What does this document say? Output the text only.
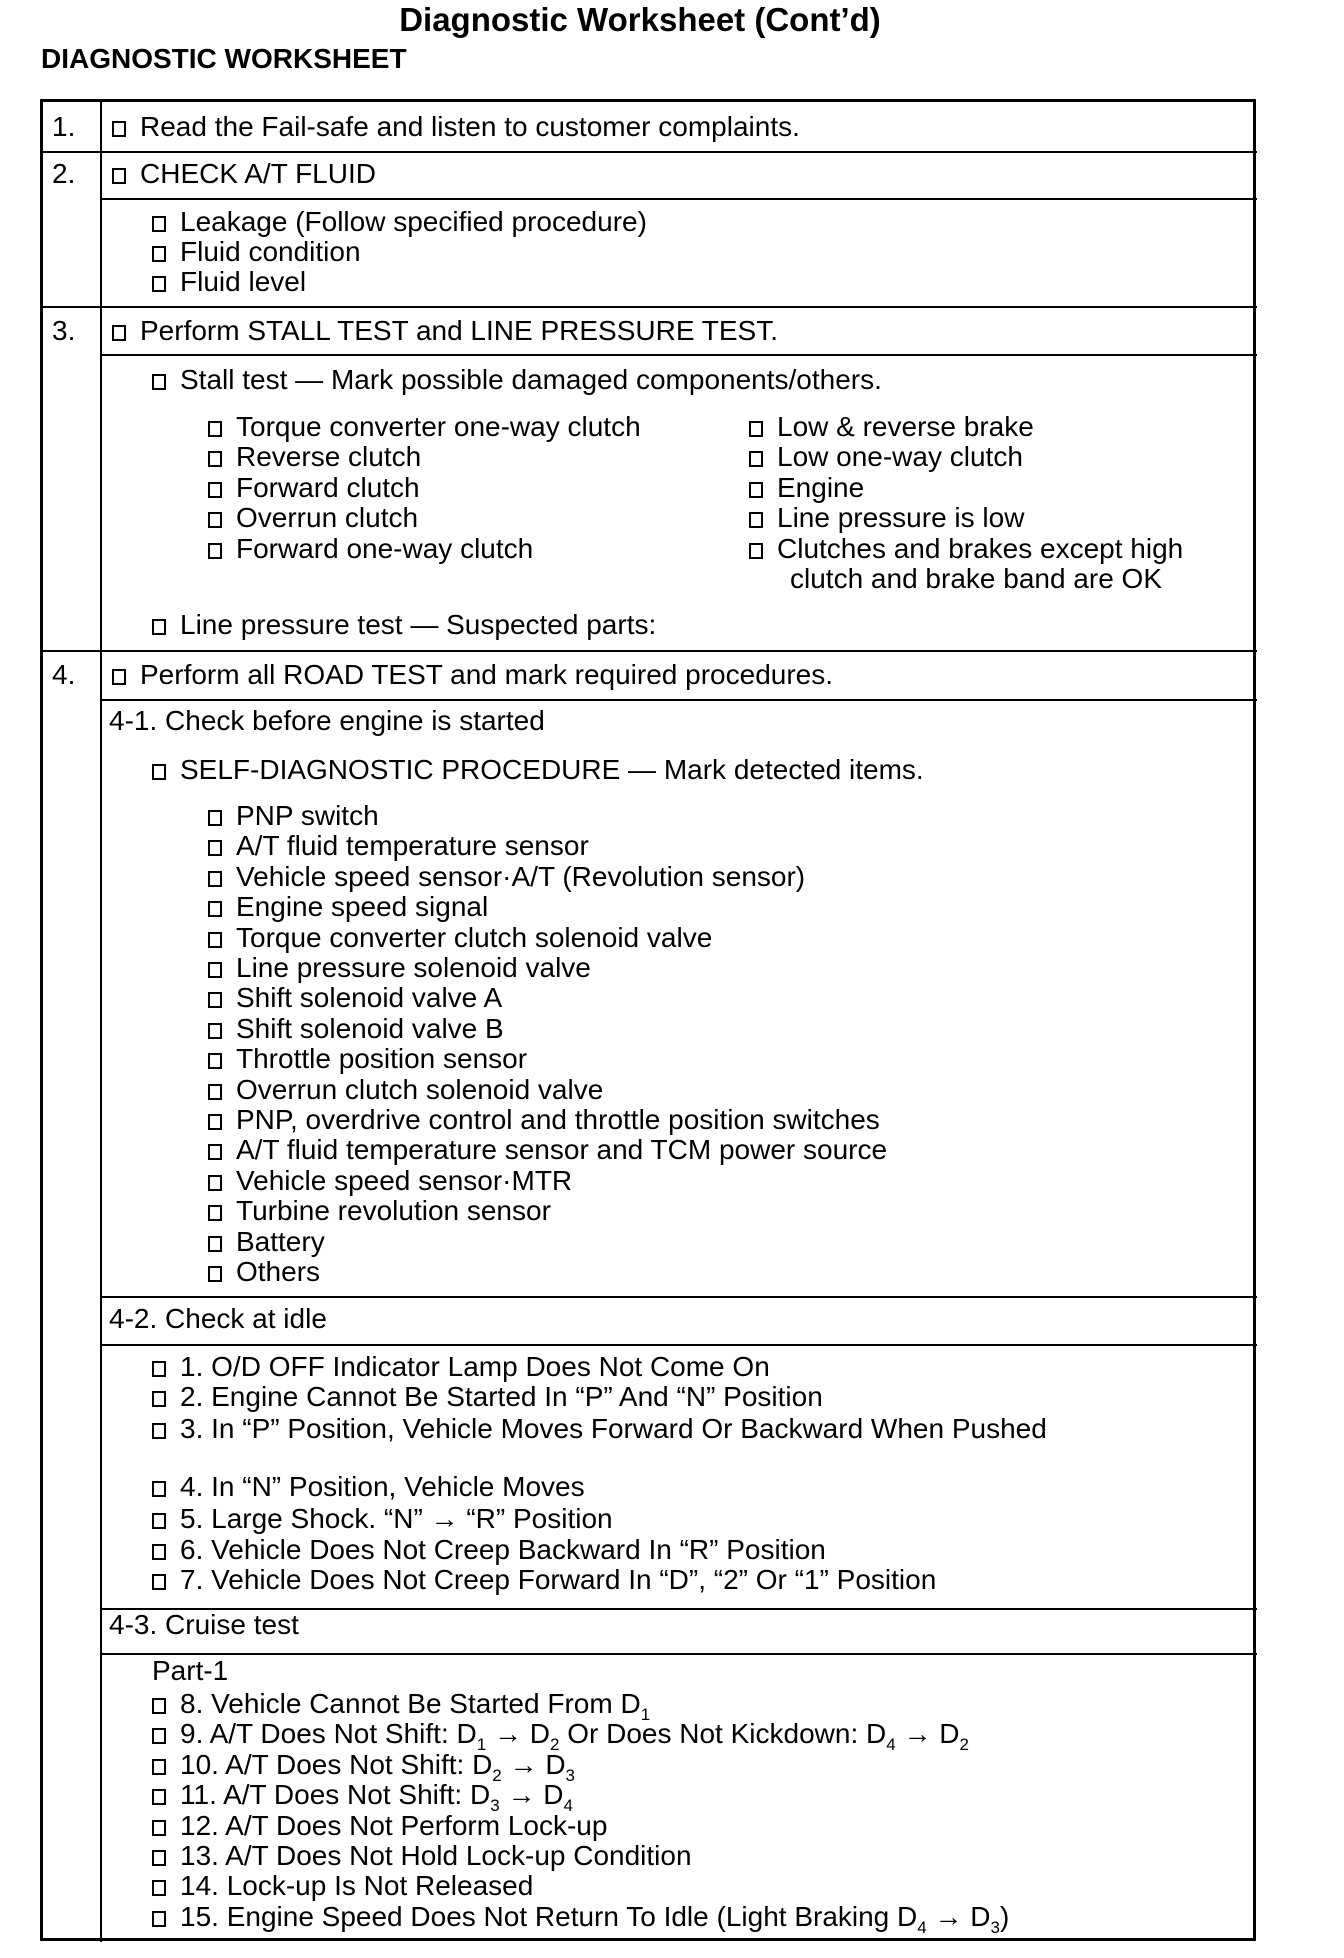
Diagnostic Worksheet (Cont’d)
DIAGNOSTIC WORKSHEET
1.	Read the Fail-safe and listen to customer complaints.
2.	CHECK A/T FLUID
Leakage (Follow specified procedure)
Fluid condition
Fluid level
3.	Perform STALL TEST and LINE PRESSURE TEST.
Stall test — Mark possible damaged components/others.
Torque converter one-way clutch
Reverse clutch
Forward clutch
Overrun clutch
Forward one-way clutch
Low & reverse brake
Low one-way clutch
Engine
Line pressure is low
Clutches and brakes except high
clutch and brake band are OK
Line pressure test — Suspected parts:
4.	Perform all ROAD TEST and mark required procedures.
4-1. Check before engine is started
SELF-DIAGNOSTIC PROCEDURE — Mark detected items.
PNP switch
A/T fluid temperature sensor
Vehicle speed sensor·A/T (Revolution sensor)
Engine speed signal
Torque converter clutch solenoid valve
Line pressure solenoid valve
Shift solenoid valve A
Shift solenoid valve B
Throttle position sensor
Overrun clutch solenoid valve
PNP, overdrive control and throttle position switches
A/T fluid temperature sensor and TCM power source
Vehicle speed sensor·MTR
Turbine revolution sensor
Battery
Others
4-2. Check at idle
1. O/D OFF Indicator Lamp Does Not Come On
2. Engine Cannot Be Started In “P” And “N” Position
3. In “P” Position, Vehicle Moves Forward Or Backward When Pushed
4. In “N” Position, Vehicle Moves
5. Large Shock. “N” → “R” Position
6. Vehicle Does Not Creep Backward In “R” Position
7. Vehicle Does Not Creep Forward In “D”, “2” Or “1” Position
4-3. Cruise test
Part-1
8. Vehicle Cannot Be Started From $D_1$
9. A/T Does Not Shift: $D_1 \to D_2$ Or Does Not Kickdown: $D_4 \to D_2$
10. A/T Does Not Shift: $D_2 \to D_3$
11. A/T Does Not Shift: $D_3 \to D_4$
12. A/T Does Not Perform Lock-up
13. A/T Does Not Hold Lock-up Condition
14. Lock-up Is Not Released
15. Engine Speed Does Not Return To Idle (Light Braking $D_4 \to D_3$)
